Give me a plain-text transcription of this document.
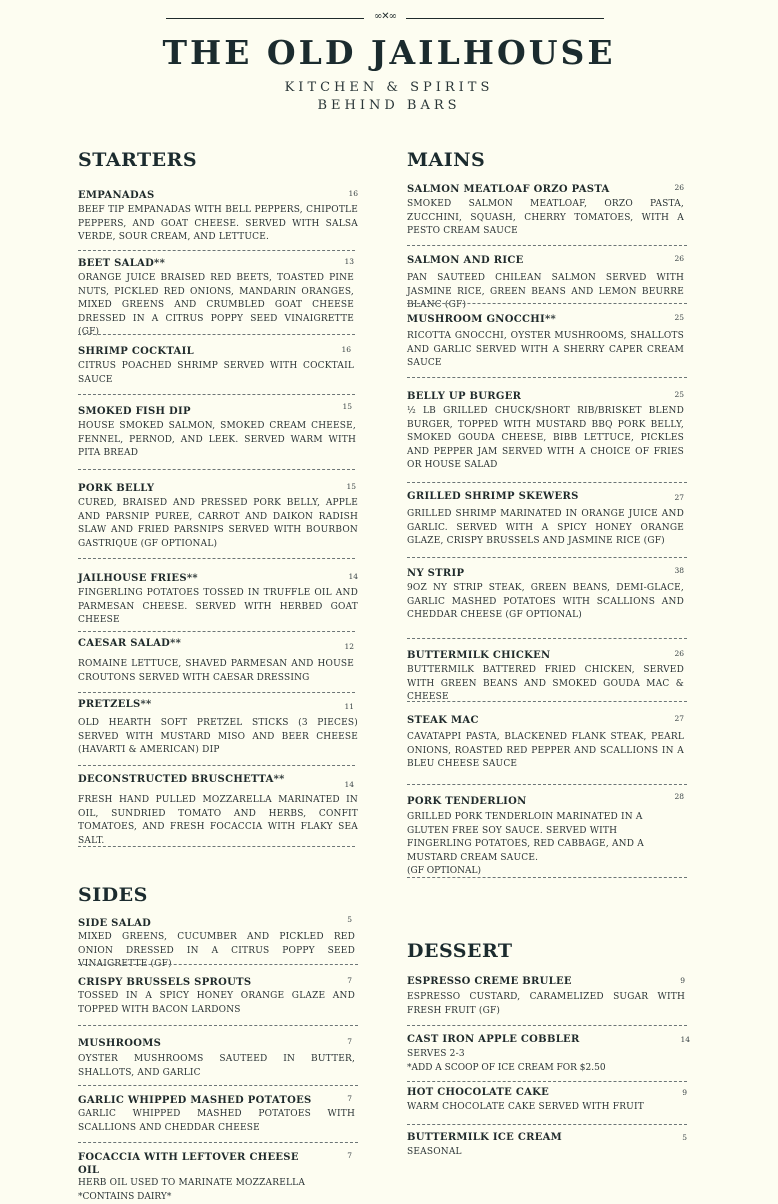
∞✕∞
THE OLD JAILHOUSE
KITCHEN & SPIRITS
BEHIND BARS
STARTERS	MAINS
SIDES
DESSERT
EMPANADAS	16
BEEF TIP EMPANADAS WITH BELL PEPPERS, CHIPOTLE PEPPERS, AND GOAT CHEESE. SERVED WITH SALSA VERDE, SOUR CREAM, AND LETTUCE.
BEET SALAD**	13
ORANGE JUICE BRAISED RED BEETS, TOASTED PINE NUTS, PICKLED RED ONIONS, MANDARIN ORANGES, MIXED GREENS AND CRUMBLED GOAT CHEESE DRESSED IN A CITRUS POPPY SEED VINAIGRETTE (GF)
SHRIMP COCKTAIL	16
CITRUS POACHED SHRIMP SERVED WITH COCKTAIL SAUCE
SMOKED FISH DIP	15
HOUSE SMOKED SALMON, SMOKED CREAM CHEESE, FENNEL, PERNOD, AND LEEK. SERVED WARM WITH PITA BREAD
PORK BELLY	15
CURED, BRAISED AND PRESSED PORK BELLY, APPLE AND PARSNIP PUREE, CARROT AND DAIKON RADISH SLAW AND FRIED PARSNIPS SERVED WITH BOURBON GASTRIQUE (GF OPTIONAL)
JAILHOUSE FRIES**	14
FINGERLING POTATOES TOSSED IN TRUFFLE OIL AND PARMESAN CHEESE. SERVED WITH HERBED GOAT CHEESE
CAESAR SALAD**	12
ROMAINE LETTUCE, SHAVED PARMESAN AND HOUSE CROUTONS SERVED WITH CAESAR DRESSING
PRETZELS**	11
OLD HEARTH SOFT PRETZEL STICKS (3 PIECES) SERVED WITH MUSTARD MISO AND BEER CHEESE (HAVARTI & AMERICAN) DIP
DECONSTRUCTED BRUSCHETTA**	14
FRESH HAND PULLED MOZZARELLA MARINATED IN OIL, SUNDRIED TOMATO AND HERBS, CONFIT TOMATOES, AND FRESH FOCACCIA WITH FLAKY SEA SALT.
SALMON MEATLOAF ORZO PASTA	26
SMOKED SALMON MEATLOAF, ORZO PASTA, ZUCCHINI, SQUASH, CHERRY TOMATOES, WITH A PESTO CREAM SAUCE
SALMON AND RICE	26
PAN SAUTEED CHILEAN SALMON SERVED WITH JASMINE RICE, GREEN BEANS AND LEMON BEURRE BLANC (GF)
MUSHROOM GNOCCHI**	25
RICOTTA GNOCCHI, OYSTER MUSHROOMS, SHALLOTS AND GARLIC SERVED WITH A SHERRY CAPER CREAM SAUCE
BELLY UP BURGER	25
½ LB GRILLED CHUCK/SHORT RIB/BRISKET BLEND BURGER, TOPPED WITH MUSTARD BBQ PORK BELLY, SMOKED GOUDA CHEESE, BIBB LETTUCE, PICKLES AND PEPPER JAM SERVED WITH A CHOICE OF FRIES OR HOUSE SALAD
GRILLED SHRIMP SKEWERS	27
GRILLED SHRIMP MARINATED IN ORANGE JUICE AND GARLIC. SERVED WITH A SPICY HONEY ORANGE GLAZE, CRISPY BRUSSELS AND JASMINE RICE (GF)
NY STRIP	38
9OZ NY STRIP STEAK, GREEN BEANS, DEMI-GLACE, GARLIC MASHED POTATOES WITH SCALLIONS AND CHEDDAR CHEESE (GF OPTIONAL)
BUTTERMILK CHICKEN	26
BUTTERMILK BATTERED FRIED CHICKEN, SERVED WITH GREEN BEANS AND SMOKED GOUDA MAC & CHEESE
STEAK MAC	27
CAVATAPPI PASTA, BLACKENED FLANK STEAK, PEARL ONIONS, ROASTED RED PEPPER AND SCALLIONS IN A BLEU CHEESE SAUCE
PORK TENDERLION	28
GRILLED PORK TENDERLOIN MARINATED IN A GLUTEN FREE SOY SAUCE. SERVED WITH FINGERLING POTATOES, RED CABBAGE, AND A MUSTARD CREAM SAUCE.
(GF OPTIONAL)
SIDE SALAD	5
MIXED GREENS, CUCUMBER AND PICKLED RED ONION DRESSED IN A CITRUS POPPY SEED VINAIGRETTE (GF)
CRISPY BRUSSELS SPROUTS	7
TOSSED IN A SPICY HONEY ORANGE GLAZE AND TOPPED WITH BACON LARDONS
MUSHROOMS	7
OYSTER MUSHROOMS SAUTEED IN BUTTER, SHALLOTS, AND GARLIC
GARLIC WHIPPED MASHED POTATOES	7
GARLIC WHIPPED MASHED POTATOES WITH SCALLIONS AND CHEDDAR CHEESE
FOCACCIA WITH LEFTOVER CHEESE OIL
7
HERB OIL USED TO MARINATE MOZZARELLA
*CONTAINS DAIRY*
ESPRESSO CREME BRULEE	9
ESPRESSO CUSTARD, CARAMELIZED SUGAR WITH FRESH FRUIT (GF)
CAST IRON APPLE COBBLER	14
SERVES 2-3
*ADD A SCOOP OF ICE CREAM FOR $2.50
HOT CHOCOLATE CAKE	9
WARM CHOCOLATE CAKE SERVED WITH FRUIT
BUTTERMILK ICE CREAM	5
SEASONAL
